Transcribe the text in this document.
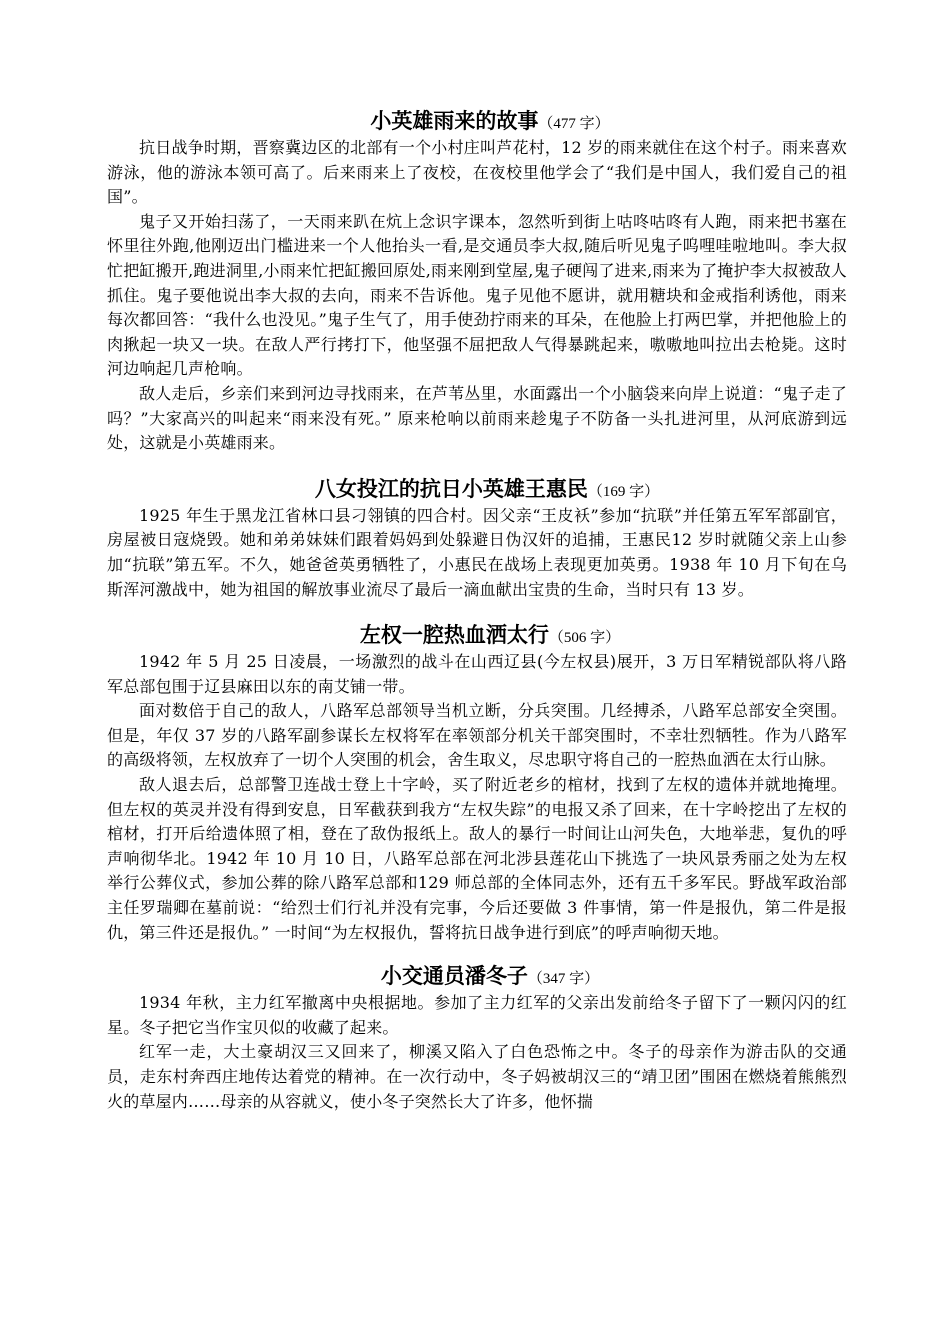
小英雄雨来的故事（477 字）

抗日战争时期，晋察冀边区的北部有一个小村庄叫芦花村，12 岁的雨来就住在这个村子。雨来喜欢游泳，他的游泳本领可高了。后来雨来上了夜校，在夜校里他学会了“我们是中国人，我们爱自己的祖国”。

鬼子又开始扫荡了，一天雨来趴在炕上念识字课本，忽然听到街上咕咚咕咚有人跑，雨来把书塞在怀里往外跑,他刚迈出门槛进来一个人他抬头一看,是交通员李大叔,随后听见鬼子呜哩哇啦地叫。李大叔忙把缸搬开,跑进洞里,小雨来忙把缸搬回原处,雨来刚到堂屋,鬼子硬闯了进来,雨来为了掩护李大叔被敌人抓住。鬼子要他说出李大叔的去向，雨来不告诉他。鬼子见他不愿讲，就用糖块和金戒指利诱他，雨来每次都回答：“我什么也没见。”鬼子生气了，用手使劲拧雨来的耳朵，在他脸上打两巴掌，并把他脸上的肉揪起一块又一块。在敌人严行拷打下，他坚强不屈把敌人气得暴跳起来，嗷嗷地叫拉出去枪毙。这时河边响起几声枪响。

敌人走后，乡亲们来到河边寻找雨来，在芦苇丛里，水面露出一个小脑袋来向岸上说道：“鬼子走了吗？”大家高兴的叫起来“雨来没有死。” 原来枪响以前雨来趁鬼子不防备一头扎进河里，从河底游到远处，这就是小英雄雨来。

八女投江的抗日小英雄王惠民（169 字）

1925 年生于黑龙江省林口县刁翎镇的四合村。因父亲“王皮袄”参加“抗联”并任第五军军部副官，房屋被日寇烧毁。她和弟弟妹妹们跟着妈妈到处躲避日伪汉奸的追捕，王惠民12 岁时就随父亲上山参加“抗联”第五军。不久，她爸爸英勇牺牲了，小惠民在战场上表现更加英勇。1938 年 10 月下旬在乌斯浑河激战中，她为祖国的解放事业流尽了最后一滴血献出宝贵的生命，当时只有 13 岁。

左权一腔热血洒太行（506 字）

1942 年 5 月 25 日凌晨，一场激烈的战斗在山西辽县(今左权县)展开，3 万日军精锐部队将八路军总部包围于辽县麻田以东的南艾铺一带。

面对数倍于自己的敌人，八路军总部领导当机立断，分兵突围。几经搏杀，八路军总部安全突围。但是，年仅 37 岁的八路军副参谋长左权将军在率领部分机关干部突围时，不幸壮烈牺牲。作为八路军的高级将领，左权放弃了一切个人突围的机会，舍生取义，尽忠职守将自己的一腔热血洒在太行山脉。

敌人退去后，总部警卫连战士登上十字岭，买了附近老乡的棺材，找到了左权的遗体并就地掩埋。但左权的英灵并没有得到安息，日军截获到我方“左权失踪”的电报又杀了回来，在十字岭挖出了左权的棺材，打开后给遗体照了相，登在了敌伪报纸上。敌人的暴行一时间让山河失色，大地举悲，复仇的呼声响彻华北。1942 年 10 月 10 日，八路军总部在河北涉县莲花山下挑选了一块风景秀丽之处为左权举行公葬仪式，参加公葬的除八路军总部和129 师总部的全体同志外，还有五千多军民。野战军政治部主任罗瑞卿在墓前说：“给烈士们行礼并没有完事，今后还要做 3 件事情，第一件是报仇，第二件是报仇，第三件还是报仇。” 一时间“为左权报仇，誓将抗日战争进行到底”的呼声响彻天地。

小交通员潘冬子（347 字）

1934 年秋，主力红军撤离中央根据地。参加了主力红军的父亲出发前给冬子留下了一颗闪闪的红星。冬子把它当作宝贝似的收藏了起来。

红军一走，大土豪胡汉三又回来了，柳溪又陷入了白色恐怖之中。冬子的母亲作为游击队的交通员，走东村奔西庄地传达着党的精神。在一次行动中，冬子妈被胡汉三的“靖卫团”围困在燃烧着熊熊烈火的草屋内……母亲的从容就义，使小冬子突然长大了许多，他怀揣
